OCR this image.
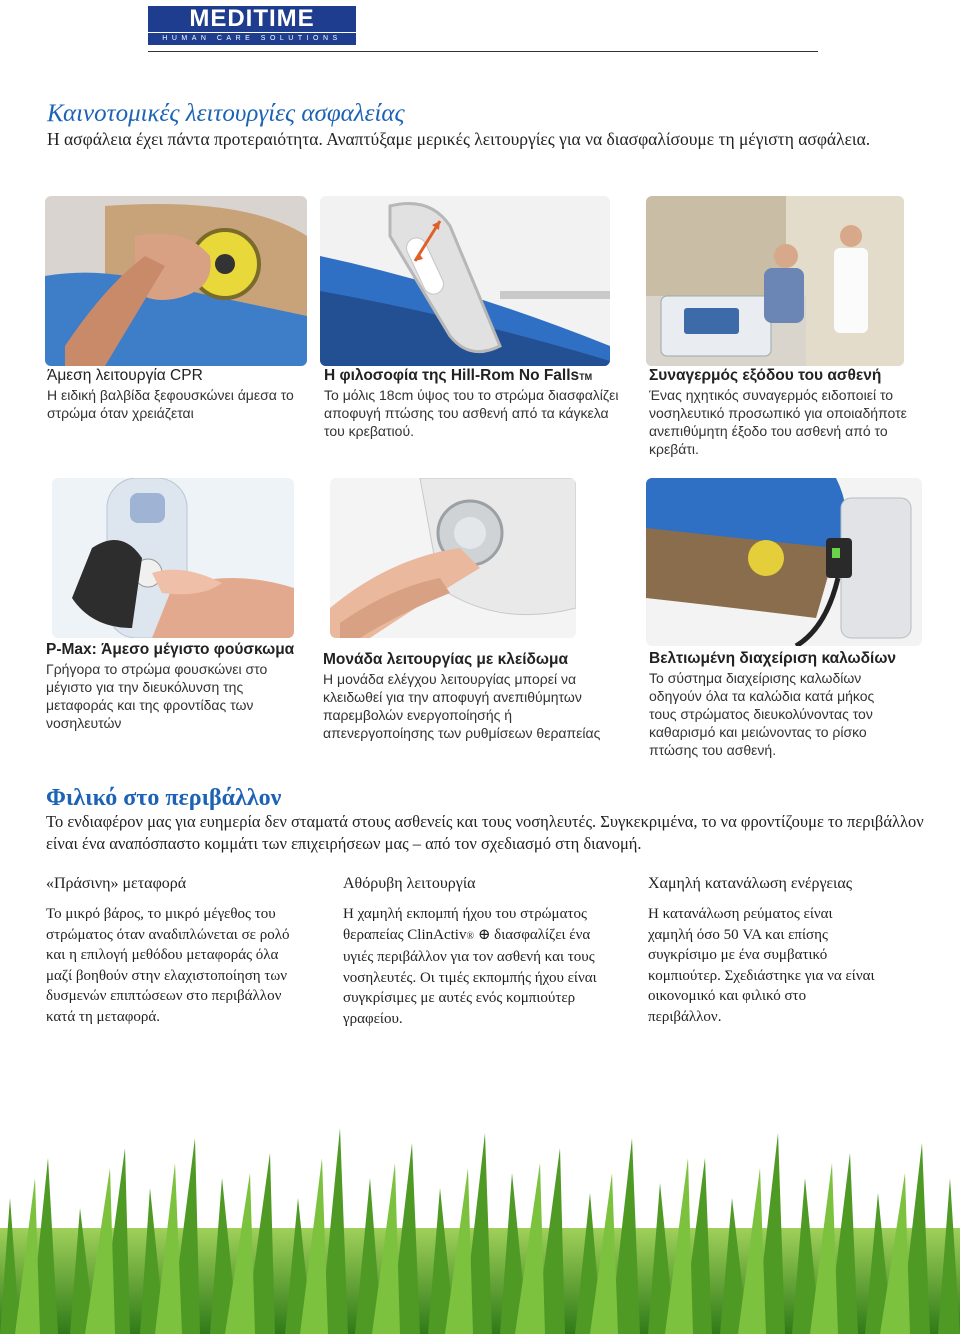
MEDITIME
HUMAN CARE SOLUTIONS
Καινοτομικές λειτουργίες ασφαλείας
Η ασφάλεια έχει πάντα προτεραιότητα. Αναπτύξαμε μερικές λειτουργίες για να διασφαλίσουμε τη μέγιστη ασφάλεια.
Άμεση λειτουργία CPR
Η ειδική βαλβίδα ξεφουσκώνει άμεσα το στρώμα όταν χρειάζεται
Η φιλοσοφία της Hill-Rom No FallsTM
Το μόλις 18cm ύψος του το στρώμα διασφαλίζει αποφυγή πτώσης του ασθενή από τα κάγκελα του κρεβατιού.
Συναγερμός εξόδου του ασθενή
Ένας ηχητικός συναγερμός ειδοποιεί το νοσηλευτικό προσωπικό για οποιαδήποτε ανεπιθύμητη έξοδο του ασθενή από το κρεβάτι.
P-Max: Άμεσο μέγιστο φούσκωμα
Γρήγορα το στρώμα φουσκώνει στο μέγιστο για την διευκόλυνση της μεταφοράς και της φροντίδας των νοσηλευτών
Μονάδα λειτουργίας με κλείδωμα
Η μονάδα ελέγχου λειτουργίας μπορεί να κλειδωθεί για την αποφυγή ανεπιθύμητων παρεμβολών ενεργοποίησής ή απενεργοποίησης των ρυθμίσεων θεραπείας
Βελτιωμένη διαχείριση καλωδίων
Το σύστημα διαχείρισης καλωδίων οδηγούν όλα τα καλώδια κατά μήκος τους στρώματος διευκολύνοντας τον καθαρισμό και μειώνοντας το ρίσκο πτώσης του ασθενή.
Φιλικό στο περιβάλλον
Το ενδιαφέρον μας για ευημερία δεν σταματά στους ασθενείς και τους νοσηλευτές. Συγκεκριμένα, το να φροντίζουμε το περιβάλλον είναι ένα αναπόσπαστο κομμάτι των επιχειρήσεων μας – από τον σχεδιασμό στη διανομή.
«Πράσινη» μεταφορά
Το μικρό βάρος, το μικρό μέγεθος του στρώματος όταν αναδιπλώνεται σε ρολό και η επιλογή μεθόδου μεταφοράς όλα μαζί βοηθούν στην ελαχιστοποίηση των δυσμενών επιπτώσεων στο περιβάλλον κατά τη μεταφορά.
Αθόρυβη λειτουργία
Η χαμηλή εκπομπή ήχου του στρώματος θεραπείας ClinActiv® ⊕ διασφαλίζει ένα υγιές περιβάλλον για τον ασθενή και τους νοσηλευτές. Οι τιμές εκπομπής ήχου είναι συγκρίσιμες με αυτές ενός κομπιούτερ γραφείου.
Χαμηλή κατανάλωση ενέργειας
Η κατανάλωση ρεύματος είναι χαμηλή όσο 50 VA και επίσης συγκρίσιμο με ένα συμβατικό κομπιούτερ. Σχεδιάστηκε για να είναι οικονομικό και φιλικό στο περιβάλλον.
